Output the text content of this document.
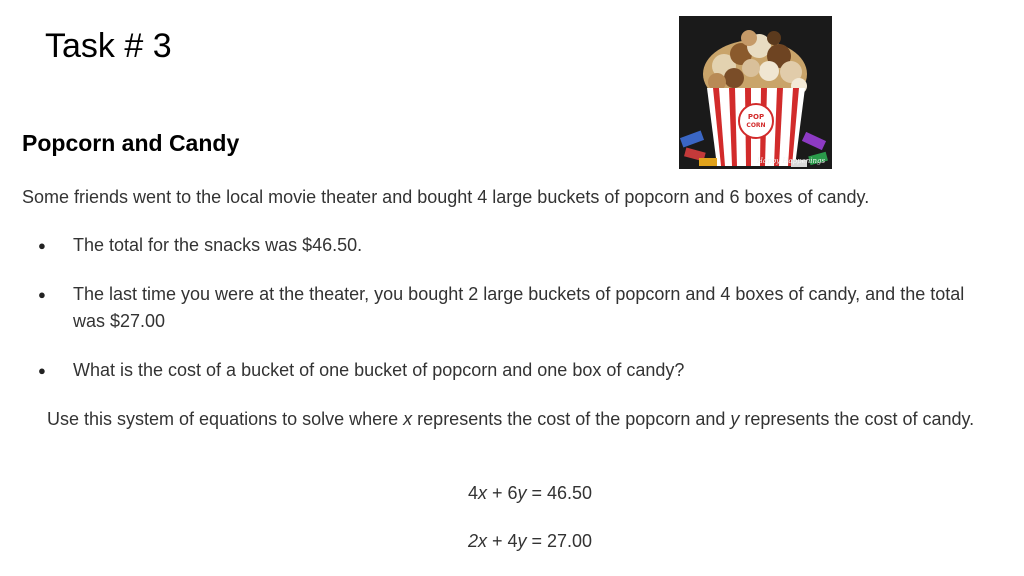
Task # 3
POP
CORN
Happy Happenings
Popcorn and Candy
Some friends went to the local movie theater and bought 4 large buckets of popcorn and 6 boxes of candy.
● The total for the snacks was $46.50.
● The last time you were at the theater, you bought 2 large buckets of popcorn and 4 boxes of candy, and the total was $27.00
● What is the cost of a bucket of one bucket of popcorn and one box of candy?
Use this system of equations to solve where x represents the cost of the popcorn and y represents the cost of candy.
4x + 6y = 46.50
2x + 4y = 27.00
